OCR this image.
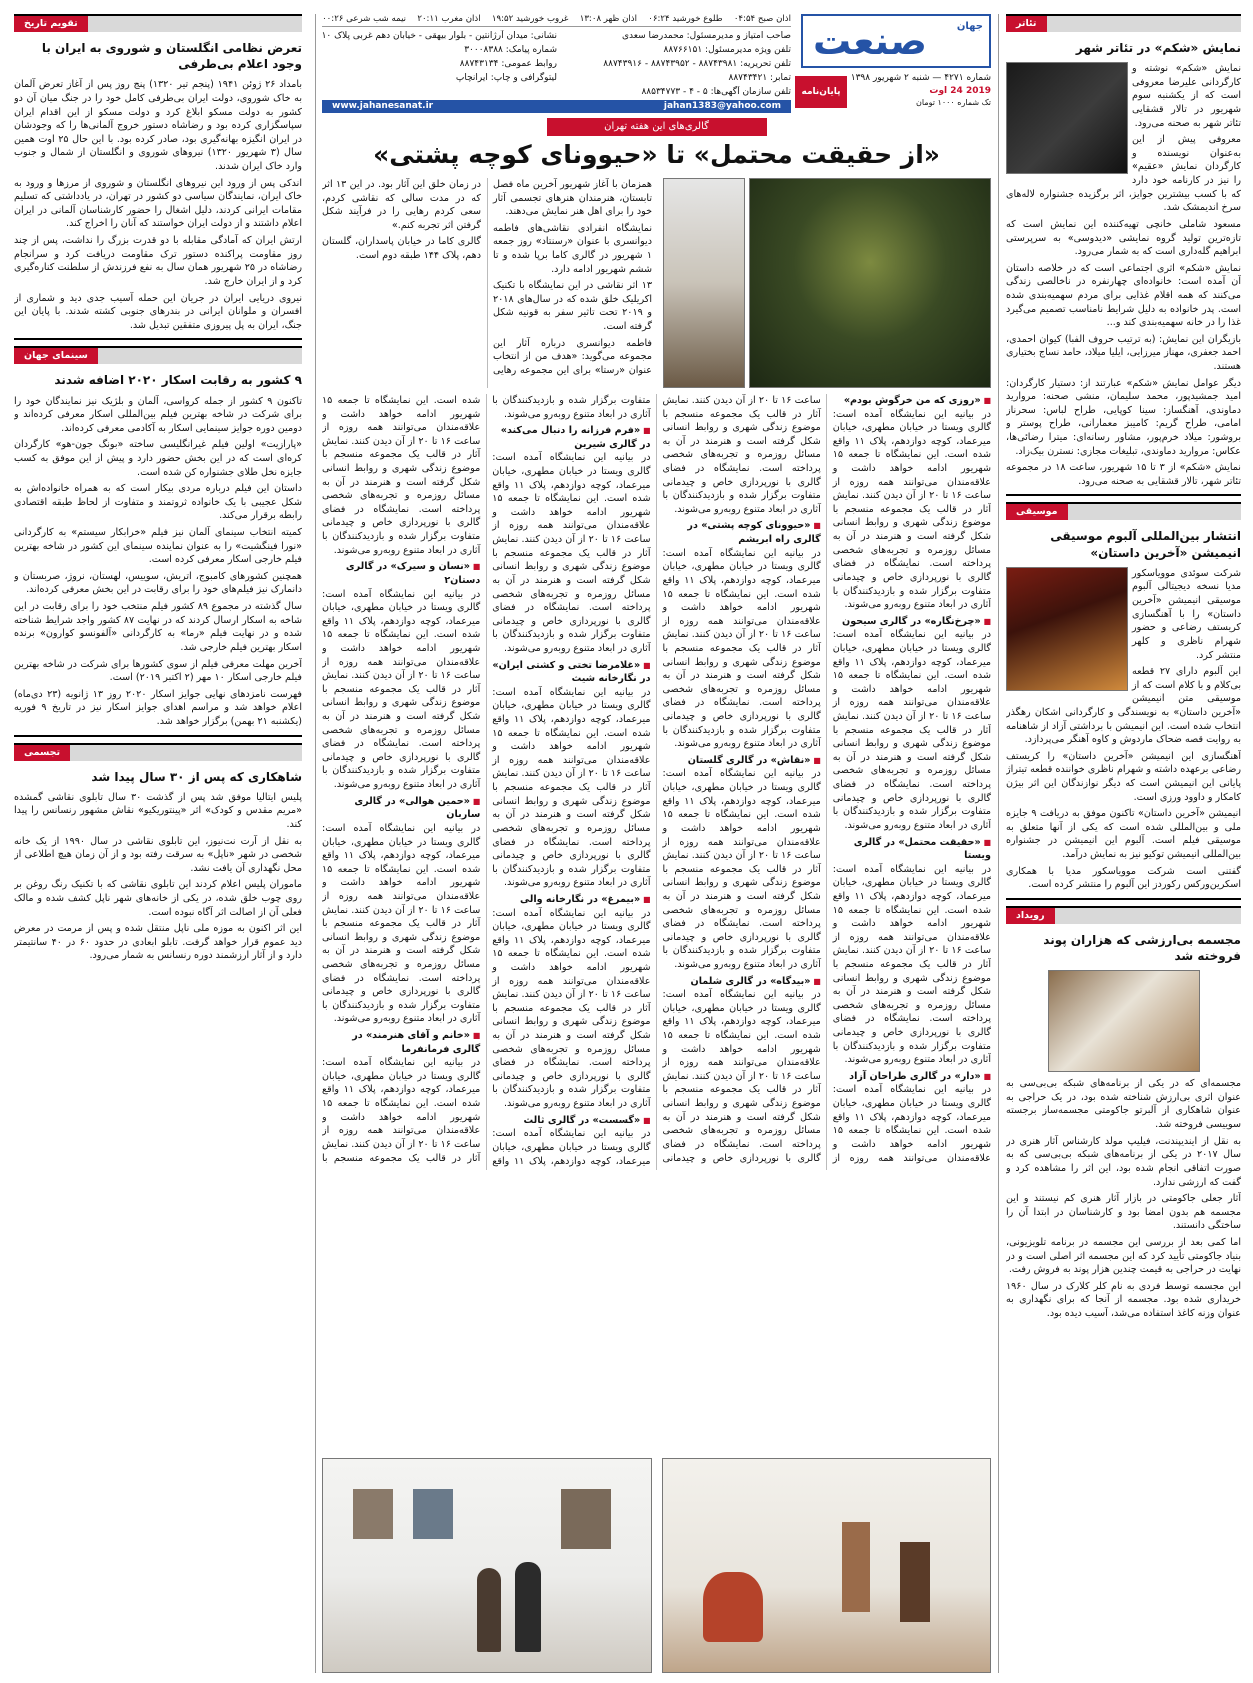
تئاتر
نمایش «شکم» در تئاتر شهر

نمایش «شکم» نوشته و کارگردانی علیرضا معروفی است که از یکشنبه سوم شهریور در تالار قشقایی تئاتر شهر به صحنه می‌رود.

معروفی پیش از این به‌عنوان نویسنده و کارگردان نمایش «عقیم» را نیز در کارنامه خود دارد که با کسب بیشترین جوایز، اثر برگزیده جشنواره لاله‌های سرخ اندیمشک شد.

مسعود شاملی خانچی تهیه‌کننده این نمایش است که تازه‌ترین تولید گروه نمایشی «دیدوسی» به سرپرستی ابراهیم گله‌داری است که به شمار می‌رود.

نمایش «شکم» اثری اجتماعی است که در خلاصه داستان آن آمده است: خانواده‌ای چهارنفره در ناخالصی زندگی می‌کنند که همه اقلام غذایی برای مردم سهمیه‌بندی شده است. پدر خانواده به دلیل شرایط نامناسب تصمیم می‌گیرد غذا را در خانه سهمیه‌بندی کند و...

بازیگران این نمایش: (به ترتیب حروف الفبا) کیوان احمدی، احمد جعفری، مهناز میرزایی، ایلیا میلاد، حامد نساج بختیاری هستند.

دیگر عوامل نمایش «شکم» عبارتند از: دستیار کارگردان: امید جمشیدپور، محمد سلیمان، منشی صحنه: مروارید دماوندی، آهنگساز: سینا کوپایی، طراح لباس: سحرناز امامی، طراح گریم: کامیبز معمارانی، طراح پوستر و بروشور: میلاد خرم‌پور، مشاور رسانه‌ای: میترا رضائی‌ها، عکاس: مروارید دماوندی، تبلیغات مجازی: نسترن بیک‌زاد.

نمایش «شکم» از ۳ تا ۱۵ شهریور، ساعت ۱۸ در مجموعه تئاتر شهر، تالار قشقایی به صحنه می‌رود.

موسیقی
انتشار بین‌المللی آلبوم موسیقی انیمیشن «آخرین داستان»

شرکت سوئدی موویاسکور مدیا نسخه دیجیتالی آلبوم موسیقی انیمیشن «آخرین داستان» را با آهنگسازی کریستف رضاعی و حضور شهرام ناظری و کلهر منتشر کرد.

این آلبوم دارای ۲۷ قطعه بی‌کلام و با کلام است که از موسیقی متن انیمیشن «آخرین داستان» به نویسندگی و کارگردانی اشکان رهگذر انتخاب شده است. این انیمیشن با برداشتی آزاد از شاهنامه به روایت قصه ضحاک ماردوش و کاوه آهنگر می‌پردازد.

آهنگسازی این انیمیشن «آخرین داستان» را کریستف رضاعی برعهده داشته و شهرام ناظری خواننده قطعه تیتراژ پایانی این انیمیشن است که دیگر نوازندگان این اثر بیژن کامکار و داوود ورزی است.

انیمیشن «آخرین داستان» تاکنون موفق به دریافت ۹ جایزه ملی و بین‌المللی شده است که یکی از آنها متعلق به موسیقی فیلم است. آلبوم این انیمیشن در جشنواره بین‌المللی انیمیشن توکیو نیز به نمایش درآمد.

گفتنی است شرکت موویاسکور مدیا با همکاری اسکرین‌ورکس رکوردز این آلبوم را منتشر کرده است.

رویداد
مجسمه بی‌ارزشی که هزاران پوند فروخته شد

مجسمه‌ای که در یکی از برنامه‌های شبکه بی‌بی‌سی به عنوان اثری بی‌ارزش شناخته شده بود، در یک حراجی به عنوان شاهکاری از آلبرتو جاکومتی مجسمه‌ساز برجسته سوییسی فروخته شد.

به نقل از ایندیپندنت، فیلیپ مولد کارشناس آثار هنری در سال ۲۰۱۷ در یکی از برنامه‌های شبکه بی‌بی‌سی که به صورت اتفاقی انجام شده بود، این اثر را مشاهده کرد و گفت که ارزشی ندارد.

آثار جعلی جاکومتی در بازار آثار هنری کم نیستند و این مجسمه هم بدون امضا بود و کارشناسان در ابتدا آن را ساختگی دانستند.

اما کمی بعد از بررسی این مجسمه در برنامه تلویزیونی، بنیاد جاکومتی تأیید کرد که این مجسمه اثر اصلی است و در نهایت در حراجی به قیمت چندین هزار پوند به فروش رفت.

این مجسمه توسط فردی به نام کلر کلارک در سال ۱۹۶۰ خریداری شده بود. مجسمه از آنجا که برای نگهداری به عنوان وزنه کاغذ استفاده می‌شد، آسیب دیده بود.

جهان
صنعت
شماره ۴۲۷۱ — شنبه ۲ شهریور ۱۳۹۸
2019 24 اوت
تک شماره ۱۰۰۰ تومان
پایان‌نامه
اذان صبح ۰۴:۵۴
طلوع خورشید ۰۶:۲۴
اذان ظهر ۱۳:۰۸
غروب خورشید ۱۹:۵۲
اذان مغرب ۲۰:۱۱
نیمه شب شرعی ۰۰:۲۶
صاحب امتیاز و مدیرمسئول: محمدرضا سعدی
تلفن ویژه مدیرمسئول: ۸۸۷۶۶۱۵۱
تلفن تحریریه: ۸۸۷۴۳۹۸۱ - ۸۸۷۴۳۹۵۲ - ۸۸۷۴۳۹۱۶
تمابر: ۸۸۷۴۳۴۲۱
تلفن سازمان آگهی‌ها: ۵ - ۴ - ۸۸۵۳۴۷۷۳
نشانی: میدان آرژانتین - بلوار بیهقی - خیابان دهم غربی پلاک ۱۰
شماره پیامک: ۳۰۰۰۸۳۸۸
روابط عمومی: ۸۸۷۴۳۱۳۴
لیتوگرافی و چاپ: ایرانچاپ
www.jahanesanat.ir	jahan1383@yahoo.com
گالری‌های این هفته تهران
«از حقیقت محتمل» تا «حیوونای کوچه پشتی»
■ «روزی که من خرگوش بودم»

در بیانیه این نمایشگاه آمده است: گالری ویستا در خیابان مطهری، خیابان میرعماد، کوچه دوازدهم، پلاک ۱۱ واقع شده است. این نمایشگاه تا جمعه ۱۵ شهریور ادامه خواهد داشت و علاقه‌مندان می‌توانند همه روزه از ساعت ۱۶ تا ۲۰ از آن دیدن کنند. نمایش آثار در قالب یک مجموعه منسجم با موضوع زندگی شهری و روابط انسانی شکل گرفته است و هنرمند در آن به مسائل روزمره و تجربه‌های شخصی پرداخته است. نمایشگاه در فضای گالری با نورپردازی خاص و چیدمانی متفاوت برگزار شده و بازدیدکنندگان با آثاری در ابعاد متنوع روبه‌رو می‌شوند.

■ «چرخ‌نگاره» در گالری سیحون

در بیانیه این نمایشگاه آمده است: گالری ویستا در خیابان مطهری، خیابان میرعماد، کوچه دوازدهم، پلاک ۱۱ واقع شده است. این نمایشگاه تا جمعه ۱۵ شهریور ادامه خواهد داشت و علاقه‌مندان می‌توانند همه روزه از ساعت ۱۶ تا ۲۰ از آن دیدن کنند. نمایش آثار در قالب یک مجموعه منسجم با موضوع زندگی شهری و روابط انسانی شکل گرفته است و هنرمند در آن به مسائل روزمره و تجربه‌های شخصی پرداخته است. نمایشگاه در فضای گالری با نورپردازی خاص و چیدمانی متفاوت برگزار شده و بازدیدکنندگان با آثاری در ابعاد متنوع روبه‌رو می‌شوند.

■ «حقیقت محتمل» در گالری ویستا

در بیانیه این نمایشگاه آمده است: گالری ویستا در خیابان مطهری، خیابان میرعماد، کوچه دوازدهم، پلاک ۱۱ واقع شده است. این نمایشگاه تا جمعه ۱۵ شهریور ادامه خواهد داشت و علاقه‌مندان می‌توانند همه روزه از ساعت ۱۶ تا ۲۰ از آن دیدن کنند. نمایش آثار در قالب یک مجموعه منسجم با موضوع زندگی شهری و روابط انسانی شکل گرفته است و هنرمند در آن به مسائل روزمره و تجربه‌های شخصی پرداخته است. نمایشگاه در فضای گالری با نورپردازی خاص و چیدمانی متفاوت برگزار شده و بازدیدکنندگان با آثاری در ابعاد متنوع روبه‌رو می‌شوند.

■ «دار» در گالری طراحان آزاد

در بیانیه این نمایشگاه آمده است: گالری ویستا در خیابان مطهری، خیابان میرعماد، کوچه دوازدهم، پلاک ۱۱ واقع شده است. این نمایشگاه تا جمعه ۱۵ شهریور ادامه خواهد داشت و علاقه‌مندان می‌توانند همه روزه از ساعت ۱۶ تا ۲۰ از آن دیدن کنند. نمایش آثار در قالب یک مجموعه منسجم با موضوع زندگی شهری و روابط انسانی شکل گرفته است و هنرمند در آن به مسائل روزمره و تجربه‌های شخصی پرداخته است. نمایشگاه در فضای گالری با نورپردازی خاص و چیدمانی متفاوت برگزار شده و بازدیدکنندگان با آثاری در ابعاد متنوع روبه‌رو می‌شوند.

■ «حیوونای کوچه پشتی» در گالری راه ابریشم

در بیانیه این نمایشگاه آمده است: گالری ویستا در خیابان مطهری، خیابان میرعماد، کوچه دوازدهم، پلاک ۱۱ واقع شده است. این نمایشگاه تا جمعه ۱۵ شهریور ادامه خواهد داشت و علاقه‌مندان می‌توانند همه روزه از ساعت ۱۶ تا ۲۰ از آن دیدن کنند. نمایش آثار در قالب یک مجموعه منسجم با موضوع زندگی شهری و روابط انسانی شکل گرفته است و هنرمند در آن به مسائل روزمره و تجربه‌های شخصی پرداخته است. نمایشگاه در فضای گالری با نورپردازی خاص و چیدمانی متفاوت برگزار شده و بازدیدکنندگان با آثاری در ابعاد متنوع روبه‌رو می‌شوند.

■ «نقاش» در گالری گلستان

در بیانیه این نمایشگاه آمده است: گالری ویستا در خیابان مطهری، خیابان میرعماد، کوچه دوازدهم، پلاک ۱۱ واقع شده است. این نمایشگاه تا جمعه ۱۵ شهریور ادامه خواهد داشت و علاقه‌مندان می‌توانند همه روزه از ساعت ۱۶ تا ۲۰ از آن دیدن کنند. نمایش آثار در قالب یک مجموعه منسجم با موضوع زندگی شهری و روابط انسانی شکل گرفته است و هنرمند در آن به مسائل روزمره و تجربه‌های شخصی پرداخته است. نمایشگاه در فضای گالری با نورپردازی خاص و چیدمانی متفاوت برگزار شده و بازدیدکنندگان با آثاری در ابعاد متنوع روبه‌رو می‌شوند.

■ «بیدگاه» در گالری شلمان

در بیانیه این نمایشگاه آمده است: گالری ویستا در خیابان مطهری، خیابان میرعماد، کوچه دوازدهم، پلاک ۱۱ واقع شده است. این نمایشگاه تا جمعه ۱۵ شهریور ادامه خواهد داشت و علاقه‌مندان می‌توانند همه روزه از ساعت ۱۶ تا ۲۰ از آن دیدن کنند. نمایش آثار در قالب یک مجموعه منسجم با موضوع زندگی شهری و روابط انسانی شکل گرفته است و هنرمند در آن به مسائل روزمره و تجربه‌های شخصی پرداخته است. نمایشگاه در فضای گالری با نورپردازی خاص و چیدمانی متفاوت برگزار شده و بازدیدکنندگان با آثاری در ابعاد متنوع روبه‌رو می‌شوند.

■ «فرم فرزانه را دنبال می‌کند» در گالری شیرین

در بیانیه این نمایشگاه آمده است: گالری ویستا در خیابان مطهری، خیابان میرعماد، کوچه دوازدهم، پلاک ۱۱ واقع شده است. این نمایشگاه تا جمعه ۱۵ شهریور ادامه خواهد داشت و علاقه‌مندان می‌توانند همه روزه از ساعت ۱۶ تا ۲۰ از آن دیدن کنند. نمایش آثار در قالب یک مجموعه منسجم با موضوع زندگی شهری و روابط انسانی شکل گرفته است و هنرمند در آن به مسائل روزمره و تجربه‌های شخصی پرداخته است. نمایشگاه در فضای گالری با نورپردازی خاص و چیدمانی متفاوت برگزار شده و بازدیدکنندگان با آثاری در ابعاد متنوع روبه‌رو می‌شوند.

■ «غلامرضا تختی و کشتی ایران» در نگارخانه شیث

در بیانیه این نمایشگاه آمده است: گالری ویستا در خیابان مطهری، خیابان میرعماد، کوچه دوازدهم، پلاک ۱۱ واقع شده است. این نمایشگاه تا جمعه ۱۵ شهریور ادامه خواهد داشت و علاقه‌مندان می‌توانند همه روزه از ساعت ۱۶ تا ۲۰ از آن دیدن کنند. نمایش آثار در قالب یک مجموعه منسجم با موضوع زندگی شهری و روابط انسانی شکل گرفته است و هنرمند در آن به مسائل روزمره و تجربه‌های شخصی پرداخته است. نمایشگاه در فضای گالری با نورپردازی خاص و چیدمانی متفاوت برگزار شده و بازدیدکنندگان با آثاری در ابعاد متنوع روبه‌رو می‌شوند.

■ «بیمرغ» در نگارخانه والی

در بیانیه این نمایشگاه آمده است: گالری ویستا در خیابان مطهری، خیابان میرعماد، کوچه دوازدهم، پلاک ۱۱ واقع شده است. این نمایشگاه تا جمعه ۱۵ شهریور ادامه خواهد داشت و علاقه‌مندان می‌توانند همه روزه از ساعت ۱۶ تا ۲۰ از آن دیدن کنند. نمایش آثار در قالب یک مجموعه منسجم با موضوع زندگی شهری و روابط انسانی شکل گرفته است و هنرمند در آن به مسائل روزمره و تجربه‌های شخصی پرداخته است. نمایشگاه در فضای گالری با نورپردازی خاص و چیدمانی متفاوت برگزار شده و بازدیدکنندگان با آثاری در ابعاد متنوع روبه‌رو می‌شوند.

■ «گسست» در گالری ثالث

در بیانیه این نمایشگاه آمده است: گالری ویستا در خیابان مطهری، خیابان میرعماد، کوچه دوازدهم، پلاک ۱۱ واقع شده است. این نمایشگاه تا جمعه ۱۵ شهریور ادامه خواهد داشت و علاقه‌مندان می‌توانند همه روزه از ساعت ۱۶ تا ۲۰ از آن دیدن کنند. نمایش آثار در قالب یک مجموعه منسجم با موضوع زندگی شهری و روابط انسانی شکل گرفته است و هنرمند در آن به مسائل روزمره و تجربه‌های شخصی پرداخته است. نمایشگاه در فضای گالری با نورپردازی خاص و چیدمانی متفاوت برگزار شده و بازدیدکنندگان با آثاری در ابعاد متنوع روبه‌رو می‌شوند.

■ «نسان و سیرک» در گالری دستان۲

در بیانیه این نمایشگاه آمده است: گالری ویستا در خیابان مطهری، خیابان میرعماد، کوچه دوازدهم، پلاک ۱۱ واقع شده است. این نمایشگاه تا جمعه ۱۵ شهریور ادامه خواهد داشت و علاقه‌مندان می‌توانند همه روزه از ساعت ۱۶ تا ۲۰ از آن دیدن کنند. نمایش آثار در قالب یک مجموعه منسجم با موضوع زندگی شهری و روابط انسانی شکل گرفته است و هنرمند در آن به مسائل روزمره و تجربه‌های شخصی پرداخته است. نمایشگاه در فضای گالری با نورپردازی خاص و چیدمانی متفاوت برگزار شده و بازدیدکنندگان با آثاری در ابعاد متنوع روبه‌رو می‌شوند.

■ «حمین هوالی» در گالری ساربان

در بیانیه این نمایشگاه آمده است: گالری ویستا در خیابان مطهری، خیابان میرعماد، کوچه دوازدهم، پلاک ۱۱ واقع شده است. این نمایشگاه تا جمعه ۱۵ شهریور ادامه خواهد داشت و علاقه‌مندان می‌توانند همه روزه از ساعت ۱۶ تا ۲۰ از آن دیدن کنند. نمایش آثار در قالب یک مجموعه منسجم با موضوع زندگی شهری و روابط انسانی شکل گرفته است و هنرمند در آن به مسائل روزمره و تجربه‌های شخصی پرداخته است. نمایشگاه در فضای گالری با نورپردازی خاص و چیدمانی متفاوت برگزار شده و بازدیدکنندگان با آثاری در ابعاد متنوع روبه‌رو می‌شوند.

■ «خانم و آقای هنرمند» در گالری فرمانفرما

در بیانیه این نمایشگاه آمده است: گالری ویستا در خیابان مطهری، خیابان میرعماد، کوچه دوازدهم، پلاک ۱۱ واقع شده است. این نمایشگاه تا جمعه ۱۵ شهریور ادامه خواهد داشت و علاقه‌مندان می‌توانند همه روزه از ساعت ۱۶ تا ۲۰ از آن دیدن کنند. نمایش آثار در قالب یک مجموعه منسجم با

همزمان با آغاز شهریور آخرین ماه فصل تابستان، هنرمندان هنرهای تجسمی آثار خود را برای اهل هنر نمایش می‌دهند.

نمایشگاه انفرادی نقاشی‌های فاطمه دیوانسری با عنوان «رسنتاد» روز جمعه ۱ شهریور در گالری کاما برپا شده و تا ششم شهریور ادامه دارد.

۱۳ اثر نقاشی در این نمایشگاه با تکنیک اکریلیک خلق شده که در سال‌های ۲۰۱۸ و ۲۰۱۹ تحت تاثیر سفر به قونیه شکل گرفته است.

فاطمه دیوانسری درباره آثار این مجموعه می‌گوید: «هدف من از انتخاب عنوان «رستا» برای این مجموعه رهایی در زمان خلق این آثار بود. در این ۱۳ اثر که در مدت سالی که نقاشی کردم، سعی کردم رهایی را در فرآیند شکل گرفتن اثر تجربه کنم.»

گالری کاما در خیابان پاسداران، گلستان دهم، پلاک ۱۴۴ طبقه دوم است.

تقویم تاریخ
تعرض نظامی انگلستان و شوروی به ایران با وجود اعلام بی‌طرفی

بامداد ۲۶ ژوئن ۱۹۴۱ (پنجم تیر ۱۳۲۰) پنج روز پس از آغاز تعرض آلمان به خاک شوروی، دولت ایران بی‌طرفی کامل خود را در جنگ میان آن دو کشور به دولت مسکو ابلاغ کرد و دولت مسکو از این اقدام ایران سپاسگزاری کرده بود و رضاشاه دستور خروج آلمانی‌ها را که وجودشان در ایران انگیزه بهانه‌گیری بود، صادر کرده بود. با این حال ۲۵ اوت همین سال (۳ شهریور ۱۳۲۰) نیروهای شوروی و انگلستان از شمال و جنوب وارد خاک ایران شدند.

اندکی پس از ورود این نیروهای انگلستان و شوروی از مرزها و ورود به خاک ایران، نمایندگان سیاسی دو کشور در تهران، در یادداشتی که تسلیم مقامات ایرانی کردند، دلیل اشغال را حضور کارشناسان آلمانی در ایران اعلام داشتند و از دولت ایران خواستند که آنان را اخراج کند.

ارتش ایران که آمادگی مقابله با دو قدرت بزرگ را نداشت، پس از چند روز مقاومت پراکنده دستور ترک مقاومت دریافت کرد و سرانجام رضاشاه در ۲۵ شهریور همان سال به نفع فرزندش از سلطنت کناره‌گیری کرد و از ایران خارج شد.

نیروی دریایی ایران در جریان این حمله آسیب جدی دید و شماری از افسران و ملوانان ایرانی در بندرهای جنوبی کشته شدند. با پایان این جنگ، ایران به پل پیروزی متفقین تبدیل شد.

سینمای جهان
۹ کشور به رقابت اسکار ۲۰۲۰ اضافه شدند

تاکنون ۹ کشور از جمله کرواسی، آلمان و بلژیک نیز نمایندگان خود را برای شرکت در شاخه بهترین فیلم بین‌المللی اسکار معرفی کرده‌اند و دومین دوره جوایز سینمایی اسکار به آکادمی معرفی کرده‌اند.

«پارازیت» اولین فیلم غیرانگلیسی ساخته «بونگ جون-هو» کارگردان کره‌ای است که در این بخش حضور دارد و پیش از این موفق به کسب جایزه نخل طلای جشنواره کن شده است.

داستان این فیلم درباره مردی بیکار است که به همراه خانواده‌اش به شکل عجیبی با یک خانواده ثروتمند و متفاوت از لحاظ طبقه اقتصادی رابطه برقرار می‌کند.

کمیته انتخاب سینمای آلمان نیز فیلم «خرابکار سیستم» به کارگردانی «نورا فینگشیت» را به عنوان نماینده سینمای این کشور در شاخه بهترین فیلم خارجی اسکار معرفی کرده است.

همچنین کشورهای کامبوج، اتریش، سوییس، لهستان، نروژ، صربستان و دانمارک نیز فیلم‌های خود را برای رقابت در این بخش معرفی کرده‌اند.

سال گذشته در مجموع ۸۹ کشور فیلم منتخب خود را برای رقابت در این شاخه به اسکار ارسال کردند که در نهایت ۸۷ کشور واجد شرایط شناخته شده و در نهایت فیلم «رما» به کارگردانی «آلفونسو کوارون» برنده اسکار بهترین فیلم خارجی شد.

آخرین مهلت معرفی فیلم از سوی کشورها برای شرکت در شاخه بهترین فیلم خارجی اسکار ۱۰ مهر (۲ اکتبر ۲۰۱۹) است.

فهرست نامزدهای نهایی جوایز اسکار ۲۰۲۰ روز ۱۳ ژانویه (۲۳ دی‌ماه) اعلام خواهد شد و مراسم اهدای جوایز اسکار نیز در تاریخ ۹ فوریه (یکشنبه ۲۱ بهمن) برگزار خواهد شد.

تجسمی
شاهکاری که پس از ۳۰ سال پیدا شد

پلیس ایتالیا موفق شد پس از گذشت ۳۰ سال تابلوی نقاشی گمشده «مریم مقدس و کودک» اثر «پینتوریکیو» نقاش مشهور رنسانس را پیدا کند.

به نقل از آرت نت‌نیوز، این تابلوی نقاشی در سال ۱۹۹۰ از یک خانه شخصی در شهر «ناپل» به سرقت رفته بود و از آن زمان هیچ اطلاعی از محل نگهداری آن یافت نشد.

ماموران پلیس اعلام کردند این تابلوی نقاشی که با تکنیک رنگ روغن بر روی چوب خلق شده، در یکی از خانه‌های شهر ناپل کشف شده و مالک فعلی آن از اصالت اثر آگاه نبوده است.

این اثر اکنون به موزه ملی ناپل منتقل شده و پس از مرمت در معرض دید عموم قرار خواهد گرفت. تابلو ابعادی در حدود ۶۰ در ۴۰ سانتیمتر دارد و از آثار ارزشمند دوره رنسانس به شمار می‌رود.
